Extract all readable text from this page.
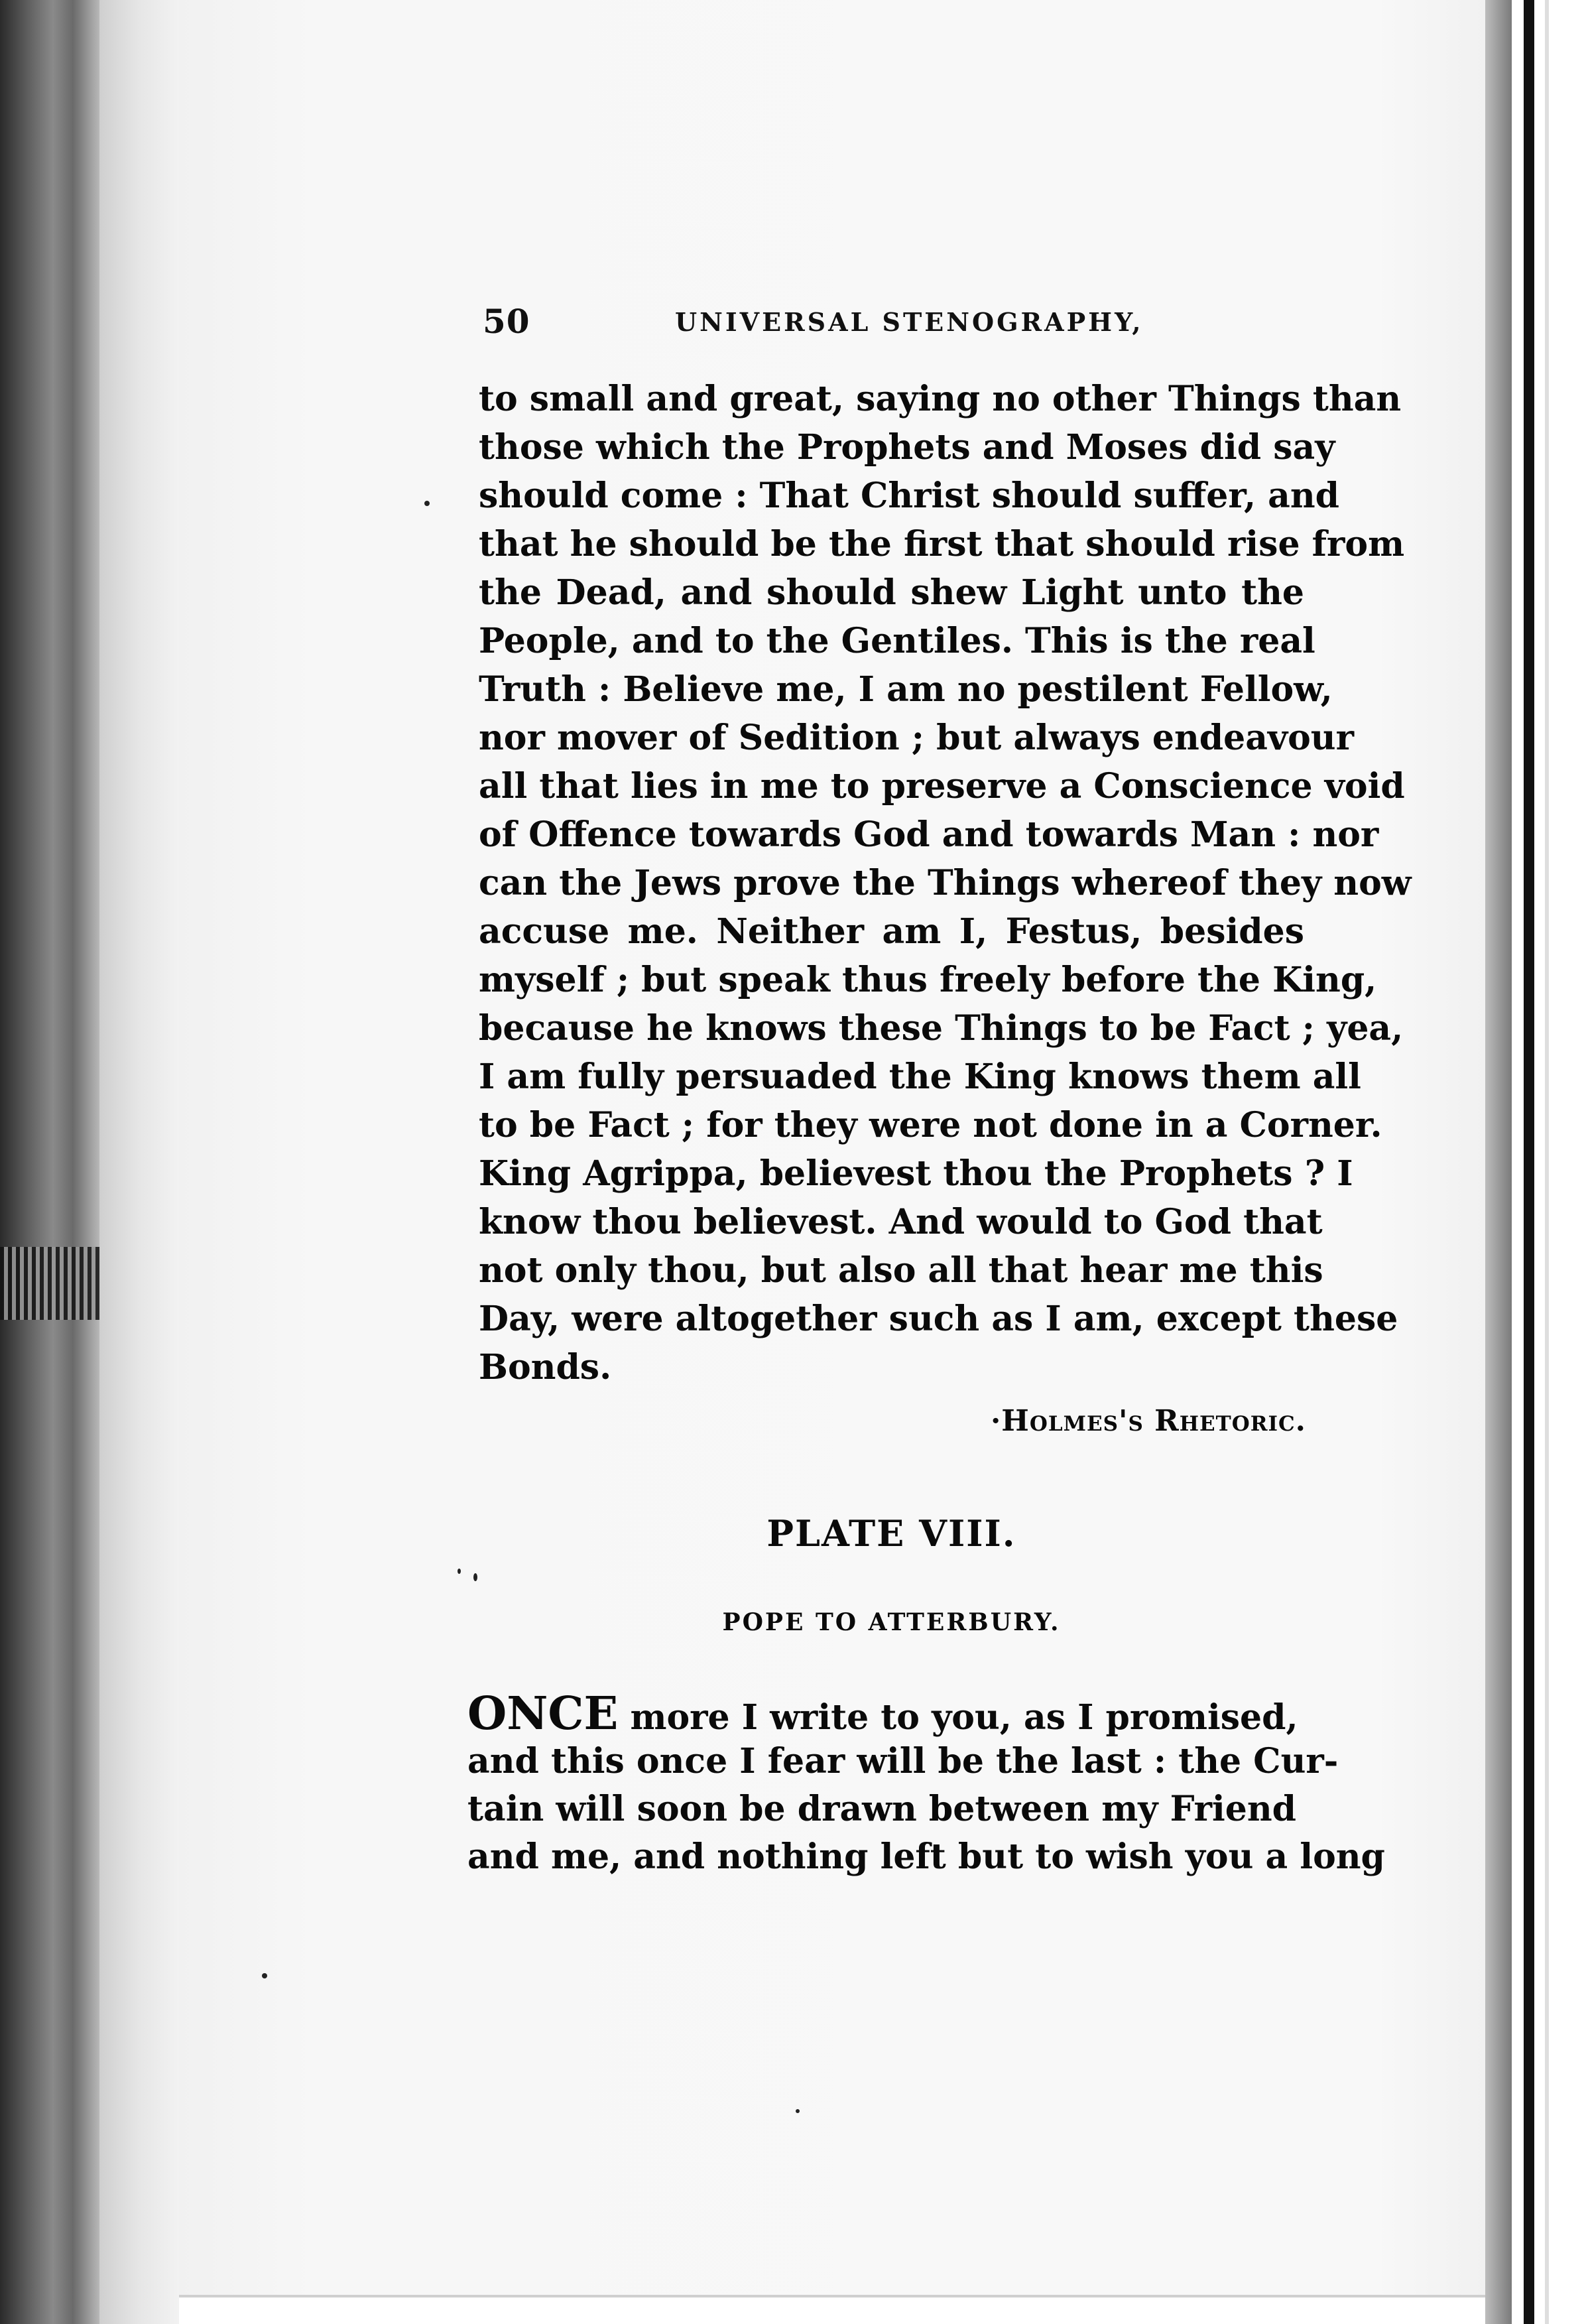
50	UNIVERSAL STENOGRAPHY,
to small and great, saying no other Things than
those which the Prophets and Moses did say
should come : That Christ should suffer, and
that he should be the first that should rise from
the Dead, and should shew Light unto the
People, and to the Gentiles. This is the real
Truth : Believe me, I am no pestilent Fellow,
nor mover of Sedition ; but always endeavour
all that lies in me to preserve a Conscience void
of Offence towards God and towards Man : nor
can the Jews prove the Things whereof they now
accuse me. Neither am I, Festus, besides
myself ; but speak thus freely before the King,
because he knows these Things to be Fact ; yea,
I am fully persuaded the King knows them all
to be Fact ; for they were not done in a Corner.
King Agrippa, believest thou the Prophets ? I
know thou believest. And would to God that
not only thou, but also all that hear me this
Day, were altogether such as I am, except these
Bonds.
·Holmes's Rhetoric.
PLATE VIII.
POPE TO ATTERBURY.
ONCE more I write to you, as I promised,
and this once I fear will be the last : the Cur-
tain will soon be drawn between my Friend
and me, and nothing left but to wish you a long
